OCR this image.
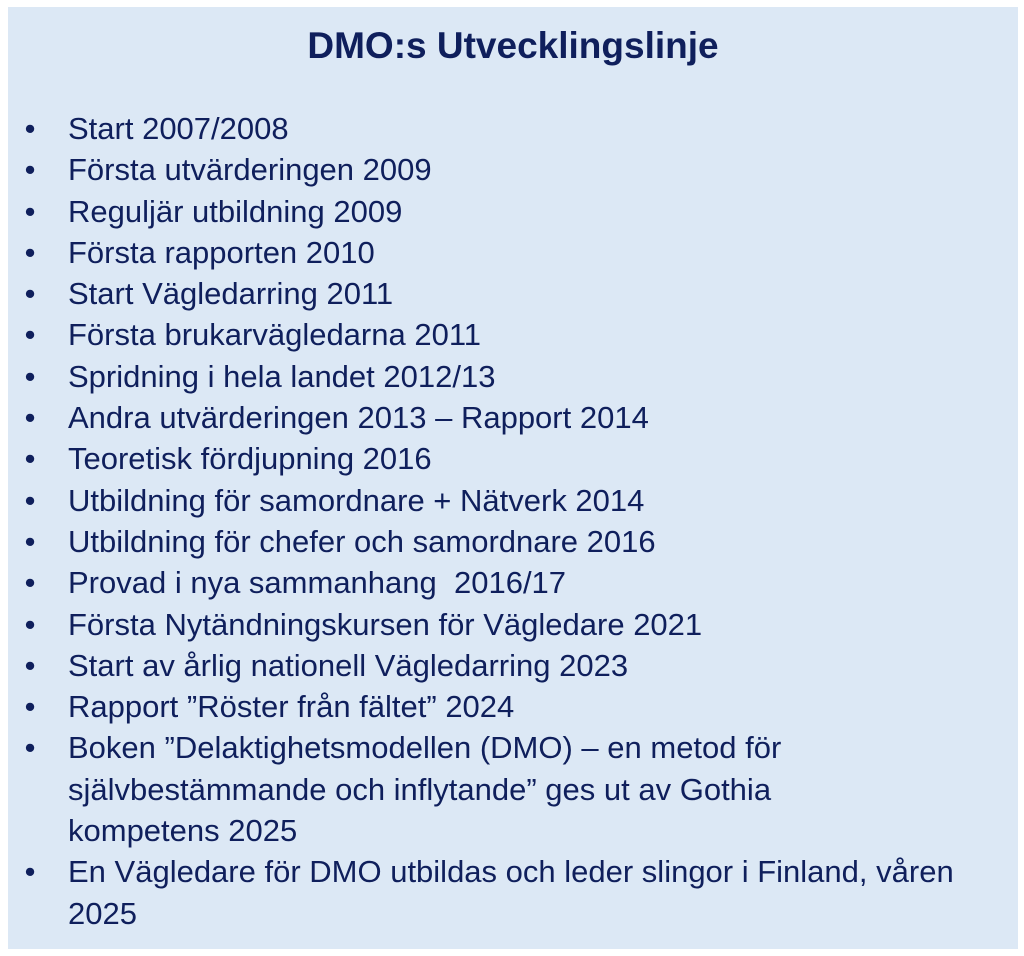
DMO:s Utvecklingslinje
• Start 2007/2008
• Första utvärderingen 2009
• Reguljär utbildning 2009
• Första rapporten 2010
• Start Vägledarring 2011
• Första brukarvägledarna 2011
• Spridning i hela landet 2012/13
• Andra utvärderingen 2013 – Rapport 2014
• Teoretisk fördjupning 2016
• Utbildning för samordnare + Nätverk 2014
• Utbildning för chefer och samordnare 2016
• Provad i nya sammanhang  2016/17
• Första Nytändningskursen för Vägledare 2021
• Start av årlig nationell Vägledarring 2023
• Rapport ”Röster från fältet” 2024
• Boken ”Delaktighetsmodellen (DMO) – en metod för självbestämmande och inflytande” ges ut av Gothia kompetens 2025
• En Vägledare för DMO utbildas och leder slingor i Finland, våren 2025
